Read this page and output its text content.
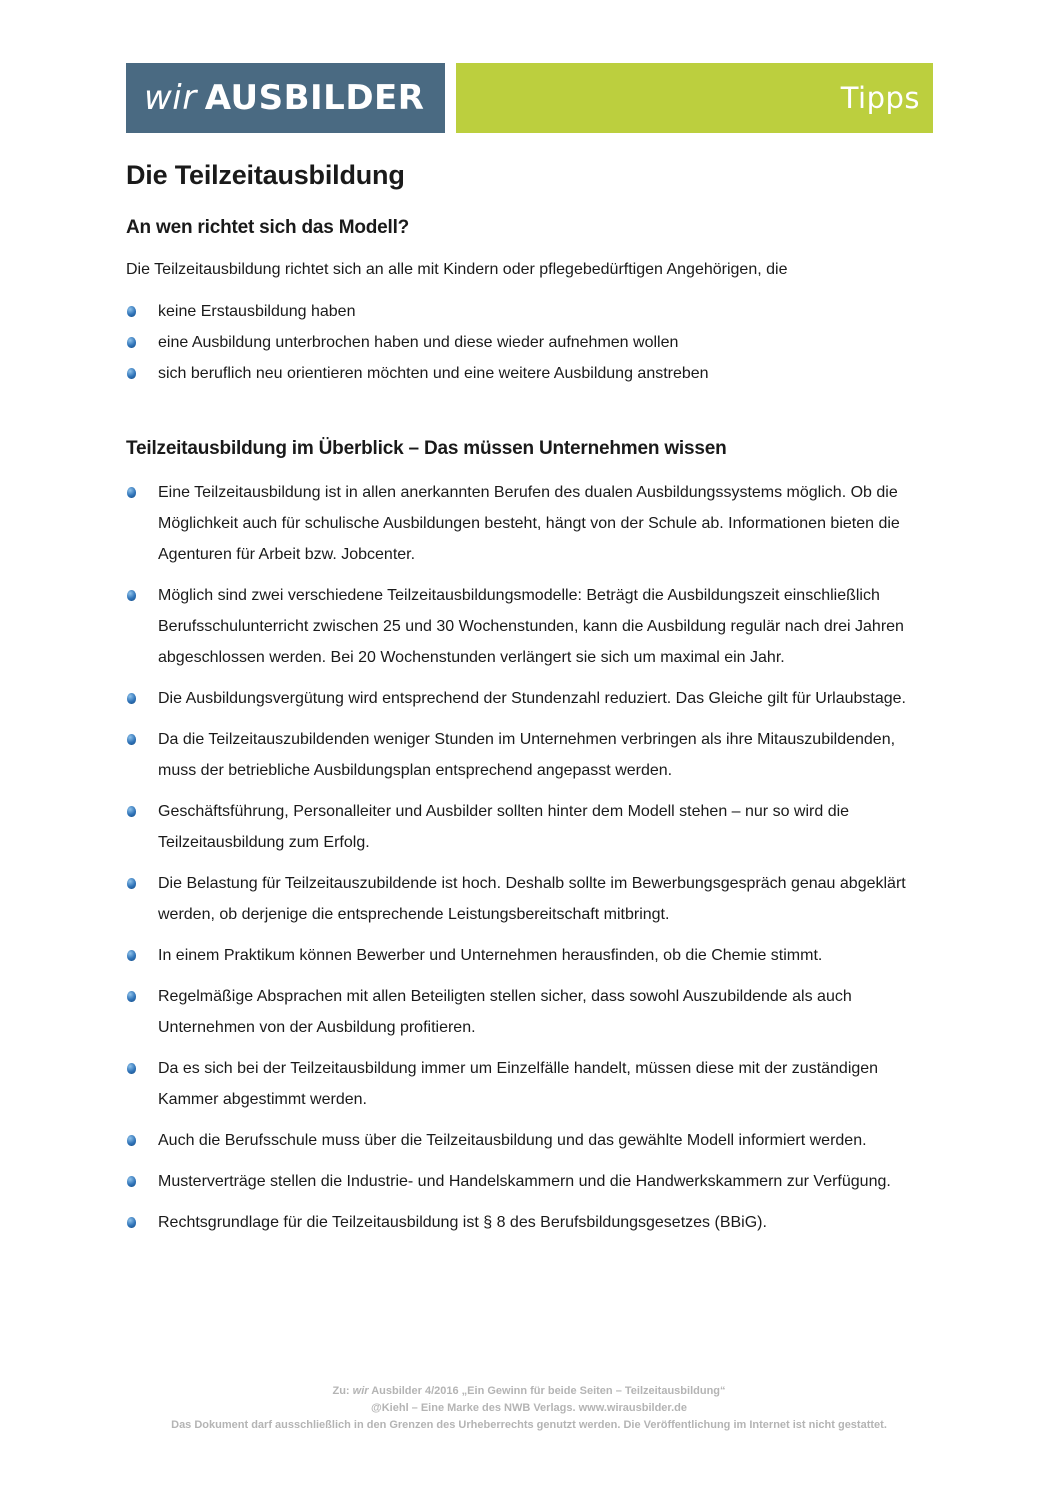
wir AUSBILDER	Tipps
Die Teilzeitausbildung
An wen richtet sich das Modell?

Die Teilzeitausbildung richtet sich an alle mit Kindern oder pflegebedürftigen Angehörigen, die

keine Erstausbildung haben
eine Ausbildung unterbrochen haben und diese wieder aufnehmen wollen
sich beruflich neu orientieren möchten und eine weitere Ausbildung anstreben
Teilzeitausbildung im Überblick – Das müssen Unternehmen wissen
Eine Teilzeitausbildung ist in allen anerkannten Berufen des dualen Ausbildungssystems möglich. Ob die Möglichkeit auch für schulische Ausbildungen besteht, hängt von der Schule ab. Informationen bieten die Agenturen für Arbeit bzw. Jobcenter.
Möglich sind zwei verschiedene Teilzeitausbildungsmodelle: Beträgt die Ausbildungszeit einschließlich Berufsschulunterricht zwischen 25 und 30 Wochenstunden, kann die Ausbildung regulär nach drei Jahren abgeschlossen werden. Bei 20 Wochenstunden verlängert sie sich um maximal ein Jahr.
Die Ausbildungsvergütung wird entsprechend der Stundenzahl reduziert. Das Gleiche gilt für Urlaubstage.
Da die Teilzeitauszubildenden weniger Stunden im Unternehmen verbringen als ihre Mitauszubildenden, muss der betriebliche Ausbildungsplan entsprechend angepasst werden.
Geschäftsführung, Personalleiter und Ausbilder sollten hinter dem Modell stehen – nur so wird die Teilzeitausbildung zum Erfolg.
Die Belastung für Teilzeitauszubildende ist hoch. Deshalb sollte im Bewerbungsgespräch genau abgeklärt werden, ob derjenige die entsprechende Leistungsbereitschaft mitbringt.
In einem Praktikum können Bewerber und Unternehmen herausfinden, ob die Chemie stimmt.
Regelmäßige Absprachen mit allen Beteiligten stellen sicher, dass sowohl Auszubildende als auch Unternehmen von der Ausbildung profitieren.
Da es sich bei der Teilzeitausbildung immer um Einzelfälle handelt, müssen diese mit der zuständigen Kammer abgestimmt werden.
Auch die Berufsschule muss über die Teilzeitausbildung und das gewählte Modell informiert werden.
Musterverträge stellen die Industrie- und Handelskammern und die Handwerkskammern zur Verfügung.
Rechtsgrundlage für die Teilzeitausbildung ist § 8 des Berufsbildungsgesetzes (BBiG).

Zu: wir Ausbilder 4/2016 „Ein Gewinn für beide Seiten – Teilzeitausbildung“

@Kiehl – Eine Marke des NWB Verlags. www.wirausbilder.de

Das Dokument darf ausschließlich in den Grenzen des Urheberrechts genutzt werden. Die Veröffentlichung im Internet ist nicht gestattet.
